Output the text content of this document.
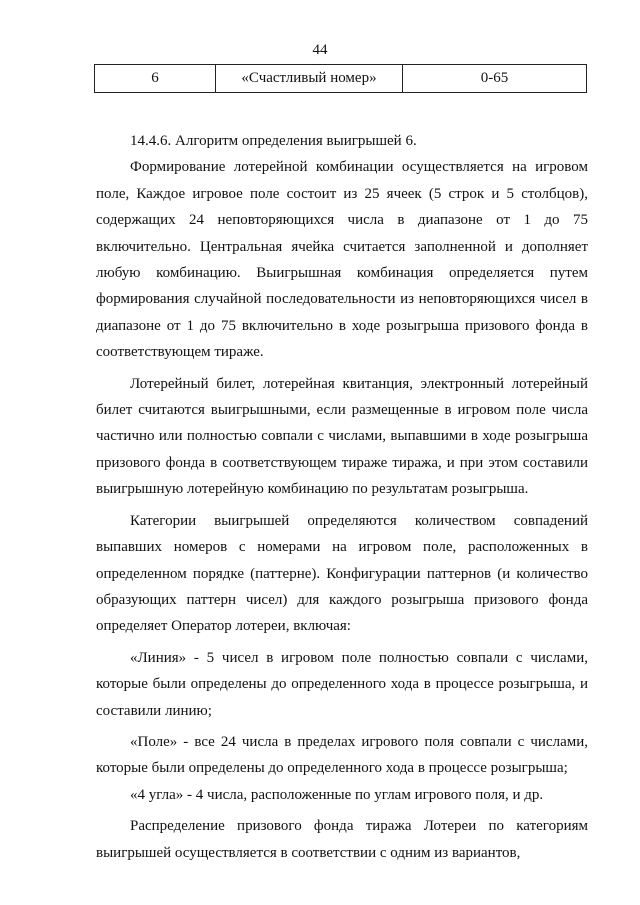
44
6	«Счастливый номер»	0-65

14.4.6. Алгоритм определения выигрышей 6.

Формирование лотерейной комбинации осуществляется на игровом поле, Каждое игровое поле состоит из 25 ячеек (5 строк и 5 столбцов), содержащих 24 неповторяющихся числа в диапазоне от 1 до 75 включительно. Центральная ячейка считается заполненной и дополняет любую комбинацию. Выигрышная комбинация определяется путем формирования случайной последовательности из неповторяющихся чисел в диапазоне от 1 до 75 включительно в ходе розыгрыша призового фонда в соответствующем тираже.

Лотерейный билет, лотерейная квитанция, электронный лотерейный билет считаются выигрышными, если размещенные в игровом поле числа частично или полностью совпали с числами, выпавшими в ходе розыгрыша призового фонда в соответствующем тираже тиража, и при этом составили выигрышную лотерейную комбинацию по результатам розыгрыша.

Категории выигрышей определяются количеством совпадений выпавших номеров с номерами на игровом поле, расположенных в определенном порядке (паттерне). Конфигурации паттернов (и количество образующих паттерн чисел) для каждого розыгрыша призового фонда определяет Оператор лотереи, включая:

«Линия» - 5 чисел в игровом поле полностью совпали с числами, которые были определены до определенного хода в процессе розыгрыша, и составили линию;

«Поле» - все 24 числа в пределах игрового поля совпали с числами, которые были определены до определенного хода в процессе розыгрыша;

«4 угла» - 4 числа, расположенные по углам игрового поля, и др.

Распределение призового фонда тиража Лотереи по категориям выигрышей осуществляется в соответствии с одним из вариантов,
